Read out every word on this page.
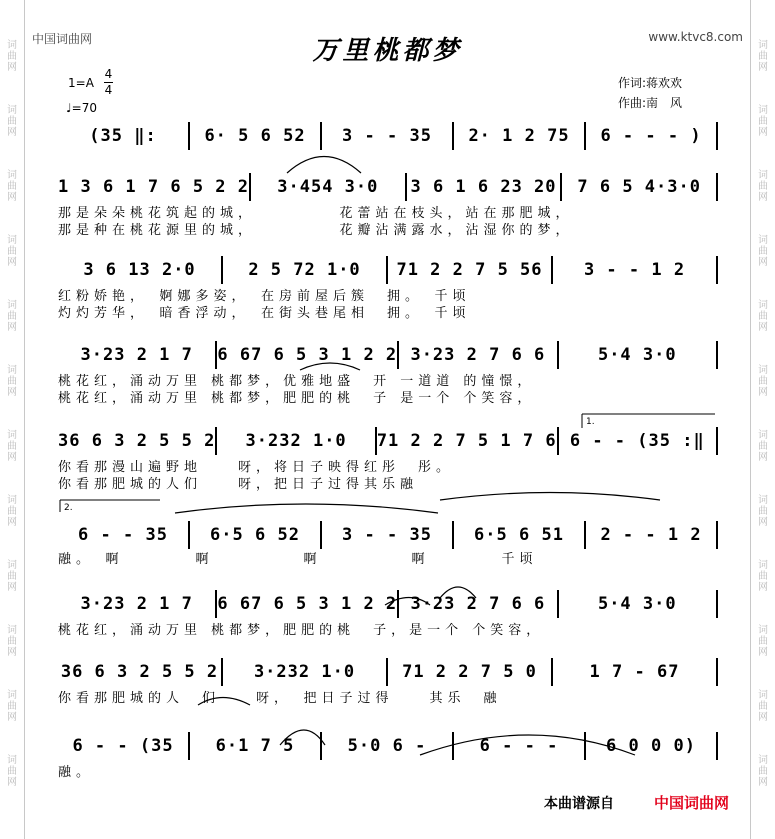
词
曲
网
词
曲
网
词
曲
网
词
曲
网
词
曲
网
词
曲
网
词
曲
网
词
曲
网
词
曲
网
词
曲
网
词
曲
网
词
曲
网
词
曲
网
词
曲
网
词
曲
网
词
曲
网
词
曲
网
词
曲
网
词
曲
网
词
曲
网
词
曲
网
词
曲
网
词
曲
网
词
曲
网
中国词曲网	万里桃都梦	www.ktvc8.com
1=A
4
4
♩=70
作词:蒋欢欢
作曲:南　风
(35 ‖:	6· 5 6 52	3 - - 35	2· 1 2 75	6 - - - )
1 3 6 1 7 6 5 2 2	3·454 3·0	3 6 1 6 23 20	7 6 5 4·3·0
那是朵朵桃花筑起的城，　　　　　花蕾站在枝头，站在那肥城，
那是种在桃花源里的城，　　　　　花瓣沾满露水，沾湿你的梦，
3 6 13 2·0	2 5 72 1·0	71 2 2 7 5 56	3 - - 1 2
红粉娇艳，　婀娜多姿，　在房前屋后簇　拥。　千顷
灼灼芳华，　暗香浮动，　在街头巷尾相　拥。　千顷
3·23 2 1 7	6 67 6 5 3 1 2 2 3·23 2 7 6 6	5·4 3·0
桃花红，涌动万里 桃都梦，优雅地盛　开 一道道 的憧憬，
桃花红，涌动万里 桃都梦，肥肥的桃　子 是一个 个笑容，
36 6 3 2 5 5 2	3·232 1·0	71 2 2 7 5 1 7 6 6 - - (35 :‖
你看那漫山遍野地　　呀，将日子映得红彤　彤。
你看那肥城的人们　　呀，把日子过得其乐融
6 - - 35	6·5 6 52	3 - - 35	6·5 6 51	2 - - 1 2
融。　啊　　　　啊　　　　　啊　　　　　啊　　　　千顷
3·23 2 1 7	6 67 6 5 3 1 2 2 3·23 2 7 6 6	5·4 3·0
桃花红，涌动万里 桃都梦，肥肥的桃　子，是一个 个笑容，
36 6 3 2 5 5 2	3·232 1·0	71 2 2 7 5 0	1 7 - 67
你看那肥城的人　们　　呀，　把日子过得　　其乐　融
6 - - (35	6·1 7 5	5·0 6 -	6 - - -	6 0 0 0)
融。
1.
2.
本曲谱源自	中国词曲网
